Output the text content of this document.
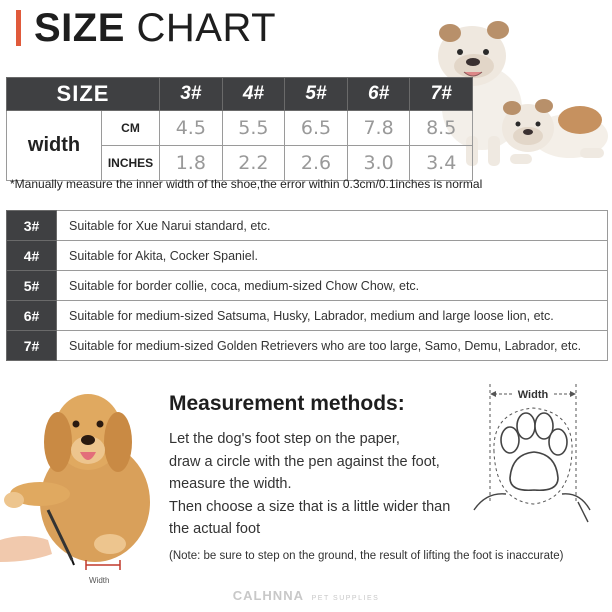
SIZE CHART
SIZE		3#	4#	5#	6#	7#
width	CM	4.5	5.5	6.5	7.8	8.5
	INCHES	1.8	2.2	2.6	3.0	3.4
*Manually measure the inner width of the shoe,the error within 0.3cm/0.1inches is normal
3#	Suitable for Xue Narui standard, etc.
4#	Suitable for Akita, Cocker Spaniel.
5#	Suitable for border collie, coca, medium-sized Chow Chow, etc.
6#	Suitable for medium-sized Satsuma, Husky, Labrador, medium and large loose lion, etc.
7#	Suitable for medium-sized Golden Retrievers who are too large, Samo, Demu, Labrador, etc.
Width
Measurement methods:
Let the dog's foot step on the paper,
draw a circle with the pen against the foot,
measure the width.
Then choose a size that is a little wider than
the actual foot
(Note: be sure to step on the ground, the result of lifting the foot is inaccurate)
Width
CALHNNA PET SUPPLIES
